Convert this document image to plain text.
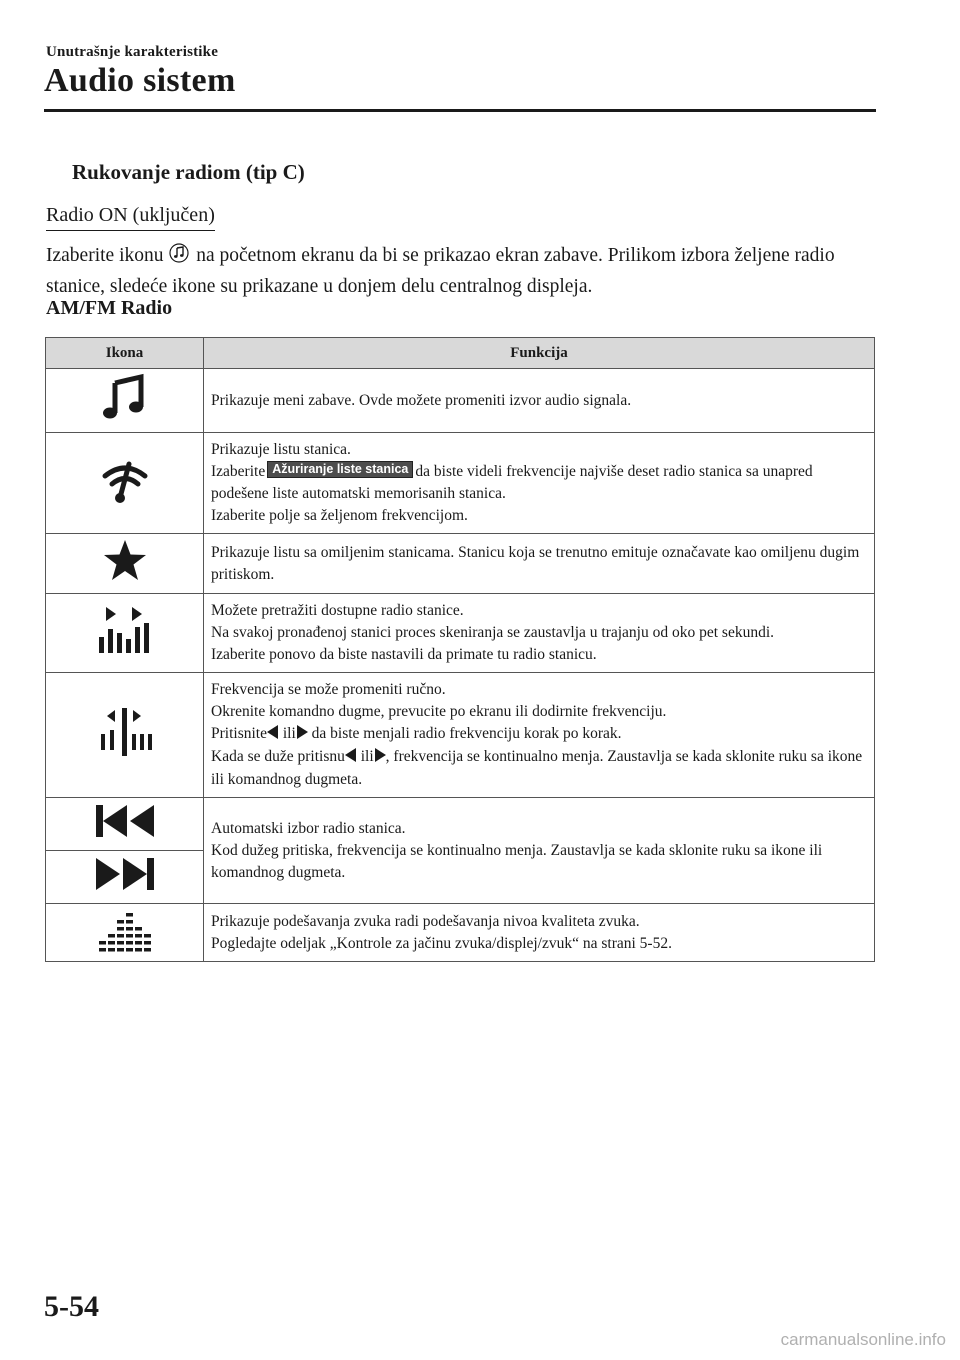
Unutrašnje karakteristike
Audio sistem
Rukovanje radiom (tip C)
Radio ON (uključen)
Izaberite ikonu na početnom ekranu da bi se prikazao ekran zabave. Prilikom izbora željene radio stanice, sledeće ikone su prikazane u donjem delu centralnog displeja.
AM/FM Radio
Ikona	Funkcija
	Prikazuje meni zabave. Ovde možete promeniti izvor audio signala.

Prikazuje listu stanica.
Izaberite Ažuriranje liste stanica da biste videli frekvencije najviše deset radio stanica sa unapred podešene liste automatski memorisanih stanica.
Izaberite polje sa željenom frekvencijom.

	Prikazuje listu sa omiljenim stanicama. Stanicu koja se trenutno emituje označavate kao omiljenu dugim pritiskom.

Možete pretražiti dostupne radio stanice.
Na svakoj pronađenoj stanici proces skeniranja se zaustavlja u trajanju od oko pet sekundi.
Izaberite ponovo da biste nastavili da primate tu radio stanicu.

Frekvencija se može promeniti ručno.
Okrenite komandno dugme, prevucite po ekranu ili dodirnite frekvenciju.
Pritisnite ili da biste menjali radio frekvenciju korak po korak.
Kada se duže pritisnu ili , frekvencija se kontinualno menja. Zaustavlja se kada sklonite ruku sa ikone ili komandnog dugmeta.

Automatski izbor radio stanica.
Kod dužeg pritiska, frekvencija se kontinualno menja. Zaustavlja se kada sklonite ruku sa ikone ili komandnog dugmeta.

Prikazuje podešavanja zvuka radi podešavanja nivoa kvaliteta zvuka.
Pogledajte odeljak „Kontrole za jačinu zvuka/displej/zvuk“ na strani 5-52.
5-54
carmanualsonline.info
